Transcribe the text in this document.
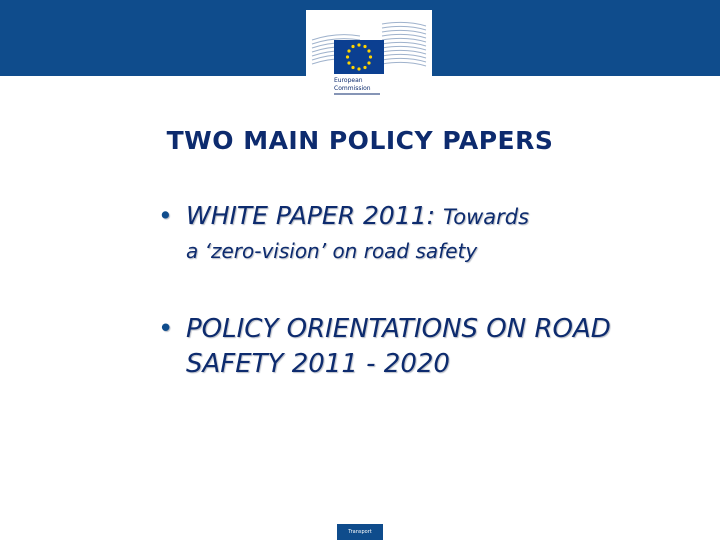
European
Commission
TWO MAIN POLICY PAPERS
• WHITE PAPER 2011: Towards
a ‘zero-vision’ on road safety
• POLICY ORIENTATIONS ON ROAD SAFETY 2011 - 2020
Transport
